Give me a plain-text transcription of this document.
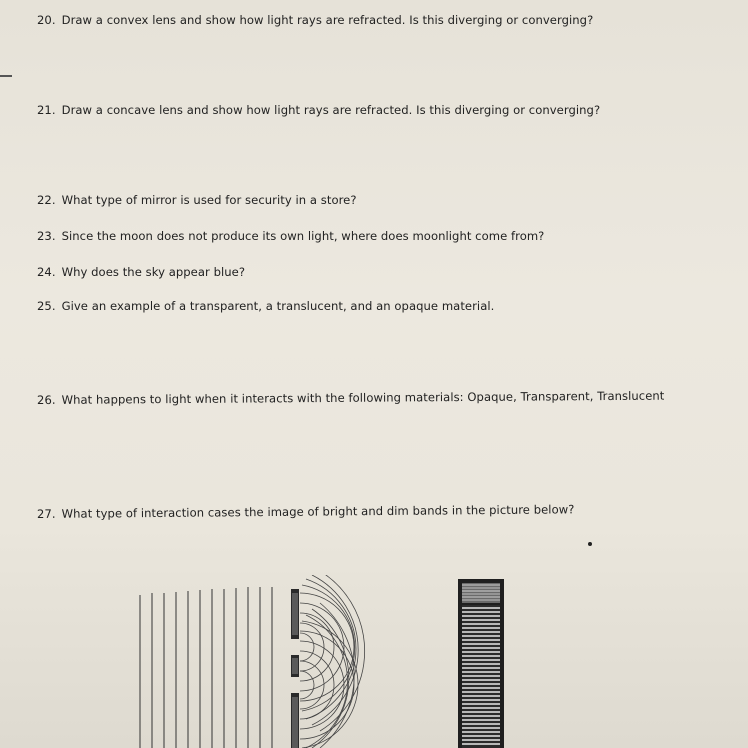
20. Draw a convex lens and show how light rays are refracted. Is this diverging or converging?
21. Draw a concave lens and show how light rays are refracted. Is this diverging or converging?
22. What type of mirror is used for security in a store?
23. Since the moon does not produce its own light, where does moonlight come from?
24. Why does the sky appear blue?
25. Give an example of a transparent, a translucent, and an opaque material.
26. What happens to light when it interacts with the following materials: Opaque, Transparent, Translucent
27. What type of interaction cases the image of bright and dim bands in the picture below?
